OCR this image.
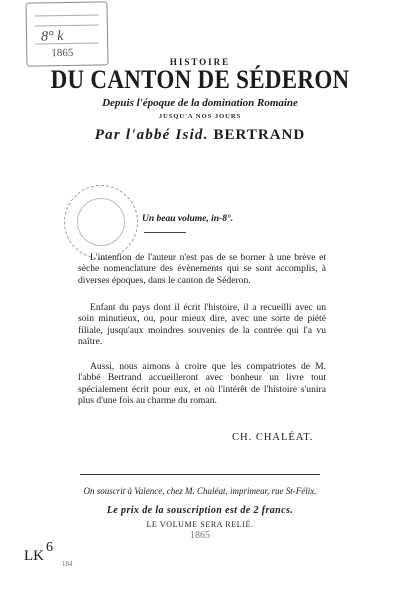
8° k
1865
HISTOIRE
DU CANTON DE SÉDERON
Depuis l'époque de la domination Romaine
JUSQU'A NOS JOURS
Par l'abbé Isid. BERTRAND
Un beau volume, in-8°.

L'intention de l'auteur n'est pas de se borner à une brève et sèche nomenclature des évènements qui se sont accomplis, à diverses époques, dans le canton de Séderon.

Enfant du pays dont il écrit l'histoire, il a recueilli avec un soin minutieux, ou, pour mieux dire, avec une sorte de piété filiale, jusqu'aux moindres souvenirs de la contrée qui l'a vu naître.

Aussi, nous aimons à croire que les compatriotes de M. l'abbé Bertrand accueilleront avec bonheur un livre tout spécialement écrit pour eux, et où l'intérêt de l'histoire s'unira plus d'une fois au charme du roman.

CH. CHALÉAT.
On souscrit à Valence, chez M. Chaléat, imprimeur, rue St-Félix.
Le prix de la souscription est de 2 francs.
LE VOLUME SERA RELIÉ.
1865
LK
6
184
